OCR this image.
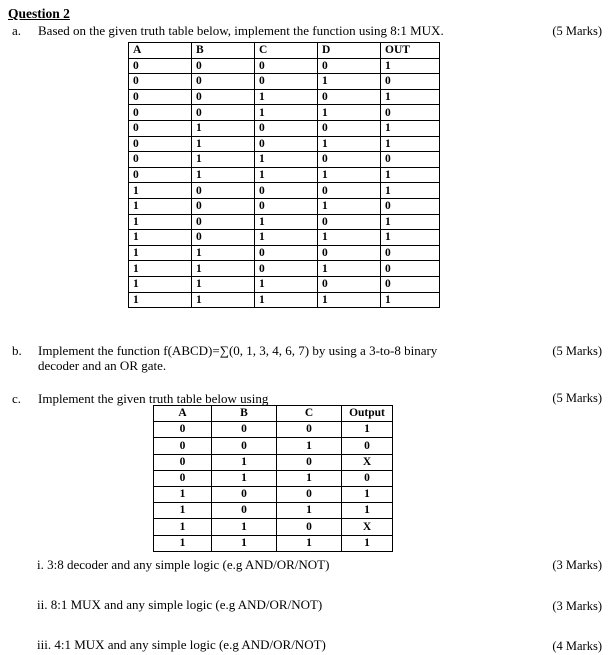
Question 2
a. Based on the given truth table below, implement the function using 8:1 MUX.	(5 Marks)
A	B	C	D	OUT
0	0	0	0	1
0	0	0	1	0
0	0	1	0	1
0	0	1	1	0
0	1	0	0	1
0	1	0	1	1
0	1	1	0	0
0	1	1	1	1
1	0	0	0	1
1	0	0	1	0
1	0	1	0	1
1	0	1	1	1
1	1	0	0	0
1	1	0	1	0
1	1	1	0	0
1	1	1	1	1
b. Implement the function f(ABCD)=∑(0, 1, 3, 4, 6, 7) by using a 3-to-8 binary
decoder and an OR gate.
(5 Marks)
c. Implement the given truth table below using	(5 Marks)
A	B	C	Output
0	0	0	1
0	0	1	0
0	1	0	X
0	1	1	0
1	0	0	1
1	0	1	1
1	1	0	X
1	1	1	1
i. 3:8 decoder and any simple logic (e.g AND/OR/NOT)	(3 Marks)
ii. 8:1 MUX and any simple logic (e.g AND/OR/NOT)	(3 Marks)
iii. 4:1 MUX and any simple logic (e.g AND/OR/NOT)	(4 Marks)
